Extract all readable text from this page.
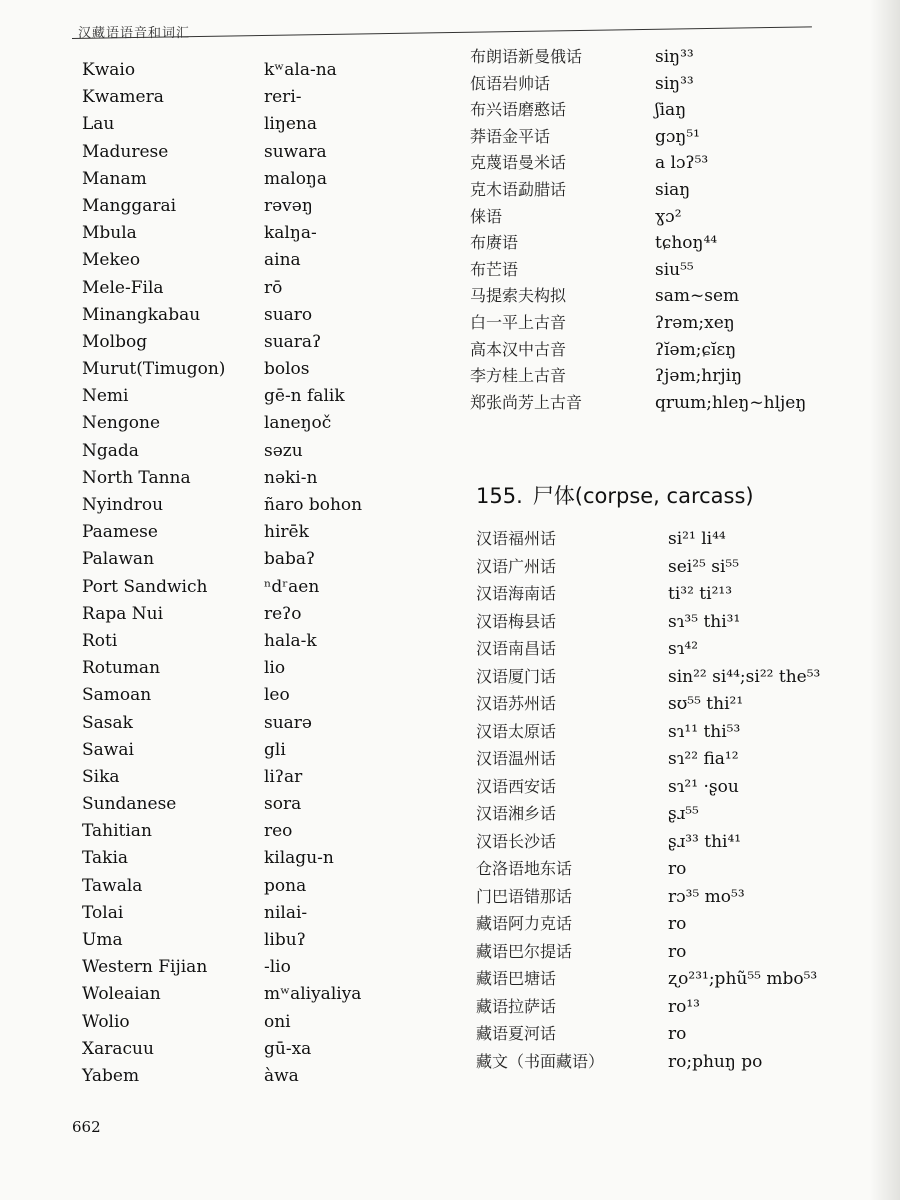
汉藏语语音和词汇
Kwaio	kʷala-na
Kwamera	reri-
Lau	liŋena
Madurese	suwara
Manam	maloŋa
Manggarai	rəvəŋ
Mbula	kalŋa-
Mekeo	aina
Mele-Fila	rō
Minangkabau	suaro
Molbog	suaraʔ
Murut(Timugon)	bolos
Nemi	gē-n falik
Nengone	laneŋoč
Ngada	səzu
North Tanna	nəki-n
Nyindrou	ñaro bohon
Paamese	hirēk
Palawan	babaʔ
Port Sandwich	ⁿdʳaen
Rapa Nui	reʔo
Roti	hala-k
Rotuman	lio
Samoan	leo
Sasak	suarə
Sawai	gli
Sika	liʔar
Sundanese	sora
Tahitian	reo
Takia	kilagu-n
Tawala	pona
Tolai	nilai-
Uma	libuʔ
Western Fijian	-lio
Woleaian	mʷaliyaliya
Wolio	oni
Xaracuu	gū-xa
Yabem	àwa
布朗语新曼俄话	siŋ³³
佤语岩帅话	siŋ³³
布兴语磨憨话	ʃiaŋ
莽语金平话	gɔŋ⁵¹
克蔑语曼米话	a lɔʔ⁵³
克木语勐腊话	siaŋ
俫语	ɣɔ²
布赓语	tɕhoŋ⁴⁴
布芒语	siu⁵⁵
马提索夫构拟	sam~sem
白一平上古音	ʔrəm;xeŋ
高本汉中古音	ʔĭəm;ɕĭɛŋ
李方桂上古音	ʔjəm;hrjiŋ
郑张尚芳上古音	qrɯm;hleŋ~hljeŋ
155. 尸体(corpse, carcass)
汉语福州话	si²¹ li⁴⁴
汉语广州话	sei²⁵ si⁵⁵
汉语海南话	ti³² ti²¹³
汉语梅县话	sɿ³⁵ thi³¹
汉语南昌话	sɿ⁴²
汉语厦门话	sin²² si⁴⁴;si²² the⁵³
汉语苏州话	sʊ⁵⁵ thi²¹
汉语太原话	sɿ¹¹ thi⁵³
汉语温州话	sɿ²² fia¹²
汉语西安话	sɿ²¹ ·ʂou
汉语湘乡话	ʂɹ⁵⁵
汉语长沙话	ʂɹ³³ thi⁴¹
仓洛语地东话	ro
门巴语错那话	rɔ³⁵ mo⁵³
藏语阿力克话	ro
藏语巴尔提话	ro
藏语巴塘话	ʐo²³¹;phũ⁵⁵ mbo⁵³
藏语拉萨话	ro¹³
藏语夏河话	ro
藏文（书面藏语）	ro;phuŋ po
662
